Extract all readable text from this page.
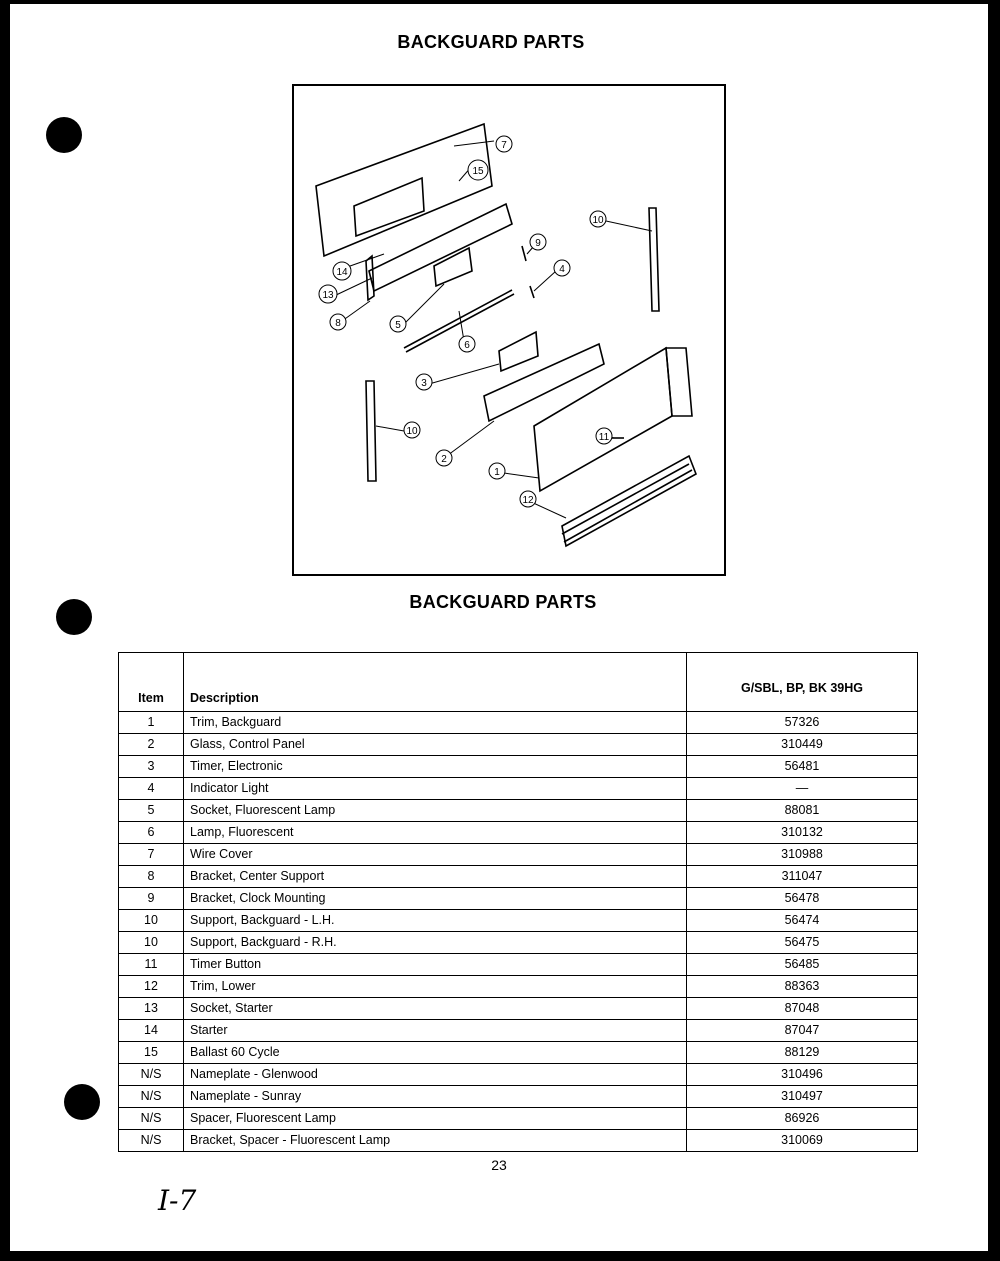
BACKGUARD PARTS
7
15
14
13
8	5
6
9
4
3
10
10
2
11
1
12
BACKGUARD PARTS
Item	Description	G/SBL, BP, BK 39HG
1	Trim, Backguard	57326
2	Glass, Control Panel	310449
3	Timer, Electronic	56481
4	Indicator Light	—
5	Socket, Fluorescent Lamp	88081
6	Lamp, Fluorescent	310132
7	Wire Cover	310988
8	Bracket, Center Support	311047
9	Bracket, Clock Mounting	56478
10	Support, Backguard - L.H.	56474
10	Support, Backguard - R.H.	56475
11	Timer Button	56485
12	Trim, Lower	88363
13	Socket, Starter	87048
14	Starter	87047
15	Ballast 60 Cycle	88129
N/S	Nameplate - Glenwood	310496
N/S	Nameplate - Sunray	310497
N/S	Spacer, Fluorescent Lamp	86926
N/S	Bracket, Spacer - Fluorescent Lamp	310069
23
I-7
